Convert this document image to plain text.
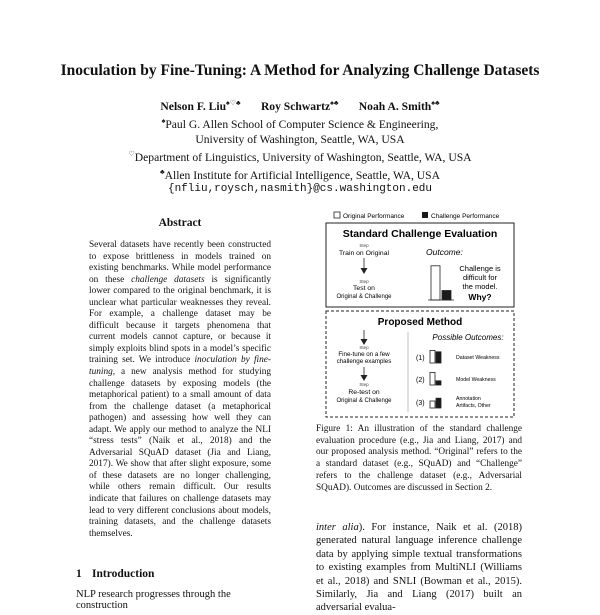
Inoculation by Fine-Tuning: A Method for Analyzing Challenge Datasets
Nelson F. Liu♠♡♣ Roy Schwartz♠♣ Noah A. Smith♠♣
♠Paul G. Allen School of Computer Science & Engineering,
University of Washington, Seattle, WA, USA
♡Department of Linguistics, University of Washington, Seattle, WA, USA
♣Allen Institute for Artificial Intelligence, Seattle, WA, USA
{nfliu,roysch,nasmith}@cs.washington.edu
Abstract
Several datasets have recently been constructed to expose brittleness in models trained on existing benchmarks. While model performance on these challenge datasets is significantly lower compared to the original benchmark, it is unclear what particular weaknesses they reveal. For example, a challenge dataset may be difficult because it targets phenomena that current models cannot capture, or because it simply exploits blind spots in a model’s specific training set. We introduce inoculation by fine-tuning, a new analysis method for studying challenge datasets by exposing models (the metaphorical patient) to a small amount of data from the challenge dataset (a metaphorical pathogen) and assessing how well they can adapt. We apply our method to analyze the NLI “stress tests” (Naik et al., 2018) and the Adversarial SQuAD dataset (Jia and Liang, 2017). We show that after slight exposure, some of these datasets are no longer challenging, while others remain difficult. Our results indicate that failures on challenge datasets may lead to very different conclusions about models, training datasets, and the challenge datasets themselves.
1 Introduction
NLP research progresses through the construction
Original Performance	Challenge Performance
Standard Challenge Evaluation
Step
Train on Original
Step
Test on
Original & Challenge
Outcome:
Challenge is
difficult for
the model.
Why?
Proposed Method
Possible Outcomes:
Step
Fine-tune on a few
challenge examples
Step
Re-test on
Original & Challenge
(1)	Dataset Weakness
(2)	Model Weakness
(3)
Annotation
Artifacts, Other
Figure 1: An illustration of the standard challenge evaluation procedure (e.g., Jia and Liang, 2017) and our proposed analysis method. “Original” refers to the a standard dataset (e.g., SQuAD) and “Challenge” refers to the challenge dataset (e.g., Adversarial SQuAD). Outcomes are discussed in Section 2.
inter alia). For instance, Naik et al. (2018) generated natural language inference challenge data by applying simple textual transformations to existing examples from MultiNLI (Williams et al., 2018) and SNLI (Bowman et al., 2015). Similarly, Jia and Liang (2017) built an adversarial evalua-
